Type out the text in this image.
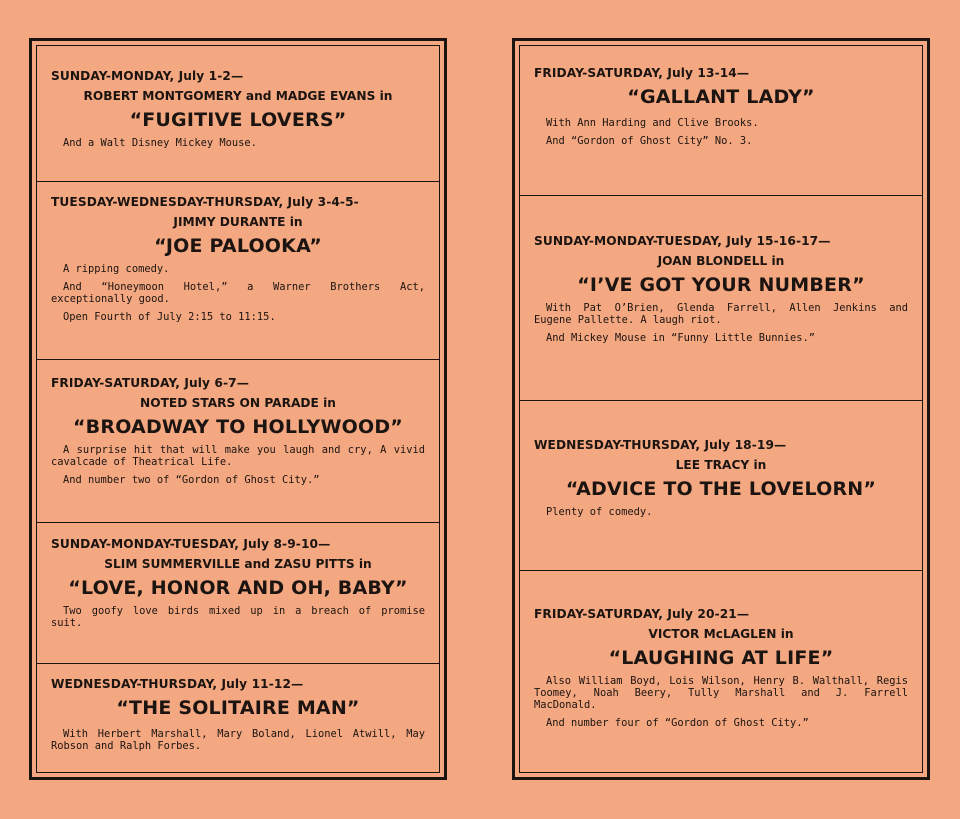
SUNDAY-MONDAY, July 1-2—

ROBERT MONTGOMERY and MADGE EVANS in

“FUGITIVE LOVERS”

And a Walt Disney Mickey Mouse.

TUESDAY-WEDNESDAY-THURSDAY, July 3-4-5-

JIMMY DURANTE in

“JOE PALOOKA”

A ripping comedy.

And “Honeymoon Hotel,” a Warner Brothers Act, exceptionally good.

Open Fourth of July 2:15 to 11:15.

FRIDAY-SATURDAY, July 6-7—

NOTED STARS ON PARADE in

“BROADWAY TO HOLLYWOOD”

A surprise hit that will make you laugh and cry, A vivid cavalcade of Theatrical Life.

And number two of “Gordon of Ghost City.”

SUNDAY-MONDAY-TUESDAY, July 8-9-10—

SLIM SUMMERVILLE and ZASU PITTS in

“LOVE, HONOR AND OH, BABY”

Two goofy love birds mixed up in a breach of promise suit.

WEDNESDAY-THURSDAY, July 11-12—

“THE SOLITAIRE MAN”

With Herbert Marshall, Mary Boland, Lionel Atwill, May Robson and Ralph Forbes.

FRIDAY-SATURDAY, July 13-14—

“GALLANT LADY”

With Ann Harding and Clive Brooks.

And “Gordon of Ghost City” No. 3.

SUNDAY-MONDAY-TUESDAY, July 15-16-17—

JOAN BLONDELL in

“I’VE GOT YOUR NUMBER”

With Pat O’Brien, Glenda Farrell, Allen Jenkins and Eugene Pallette. A laugh riot.

And Mickey Mouse in “Funny Little Bunnies.”

WEDNESDAY-THURSDAY, July 18-19—

LEE TRACY in

“ADVICE TO THE LOVELORN”

Plenty of comedy.

FRIDAY-SATURDAY, July 20-21—

VICTOR McLAGLEN in

“LAUGHING AT LIFE”

Also William Boyd, Lois Wilson, Henry B. Walthall, Regis Toomey, Noah Beery, Tully Marshall and J. Farrell MacDonald.

And number four of “Gordon of Ghost City.”
